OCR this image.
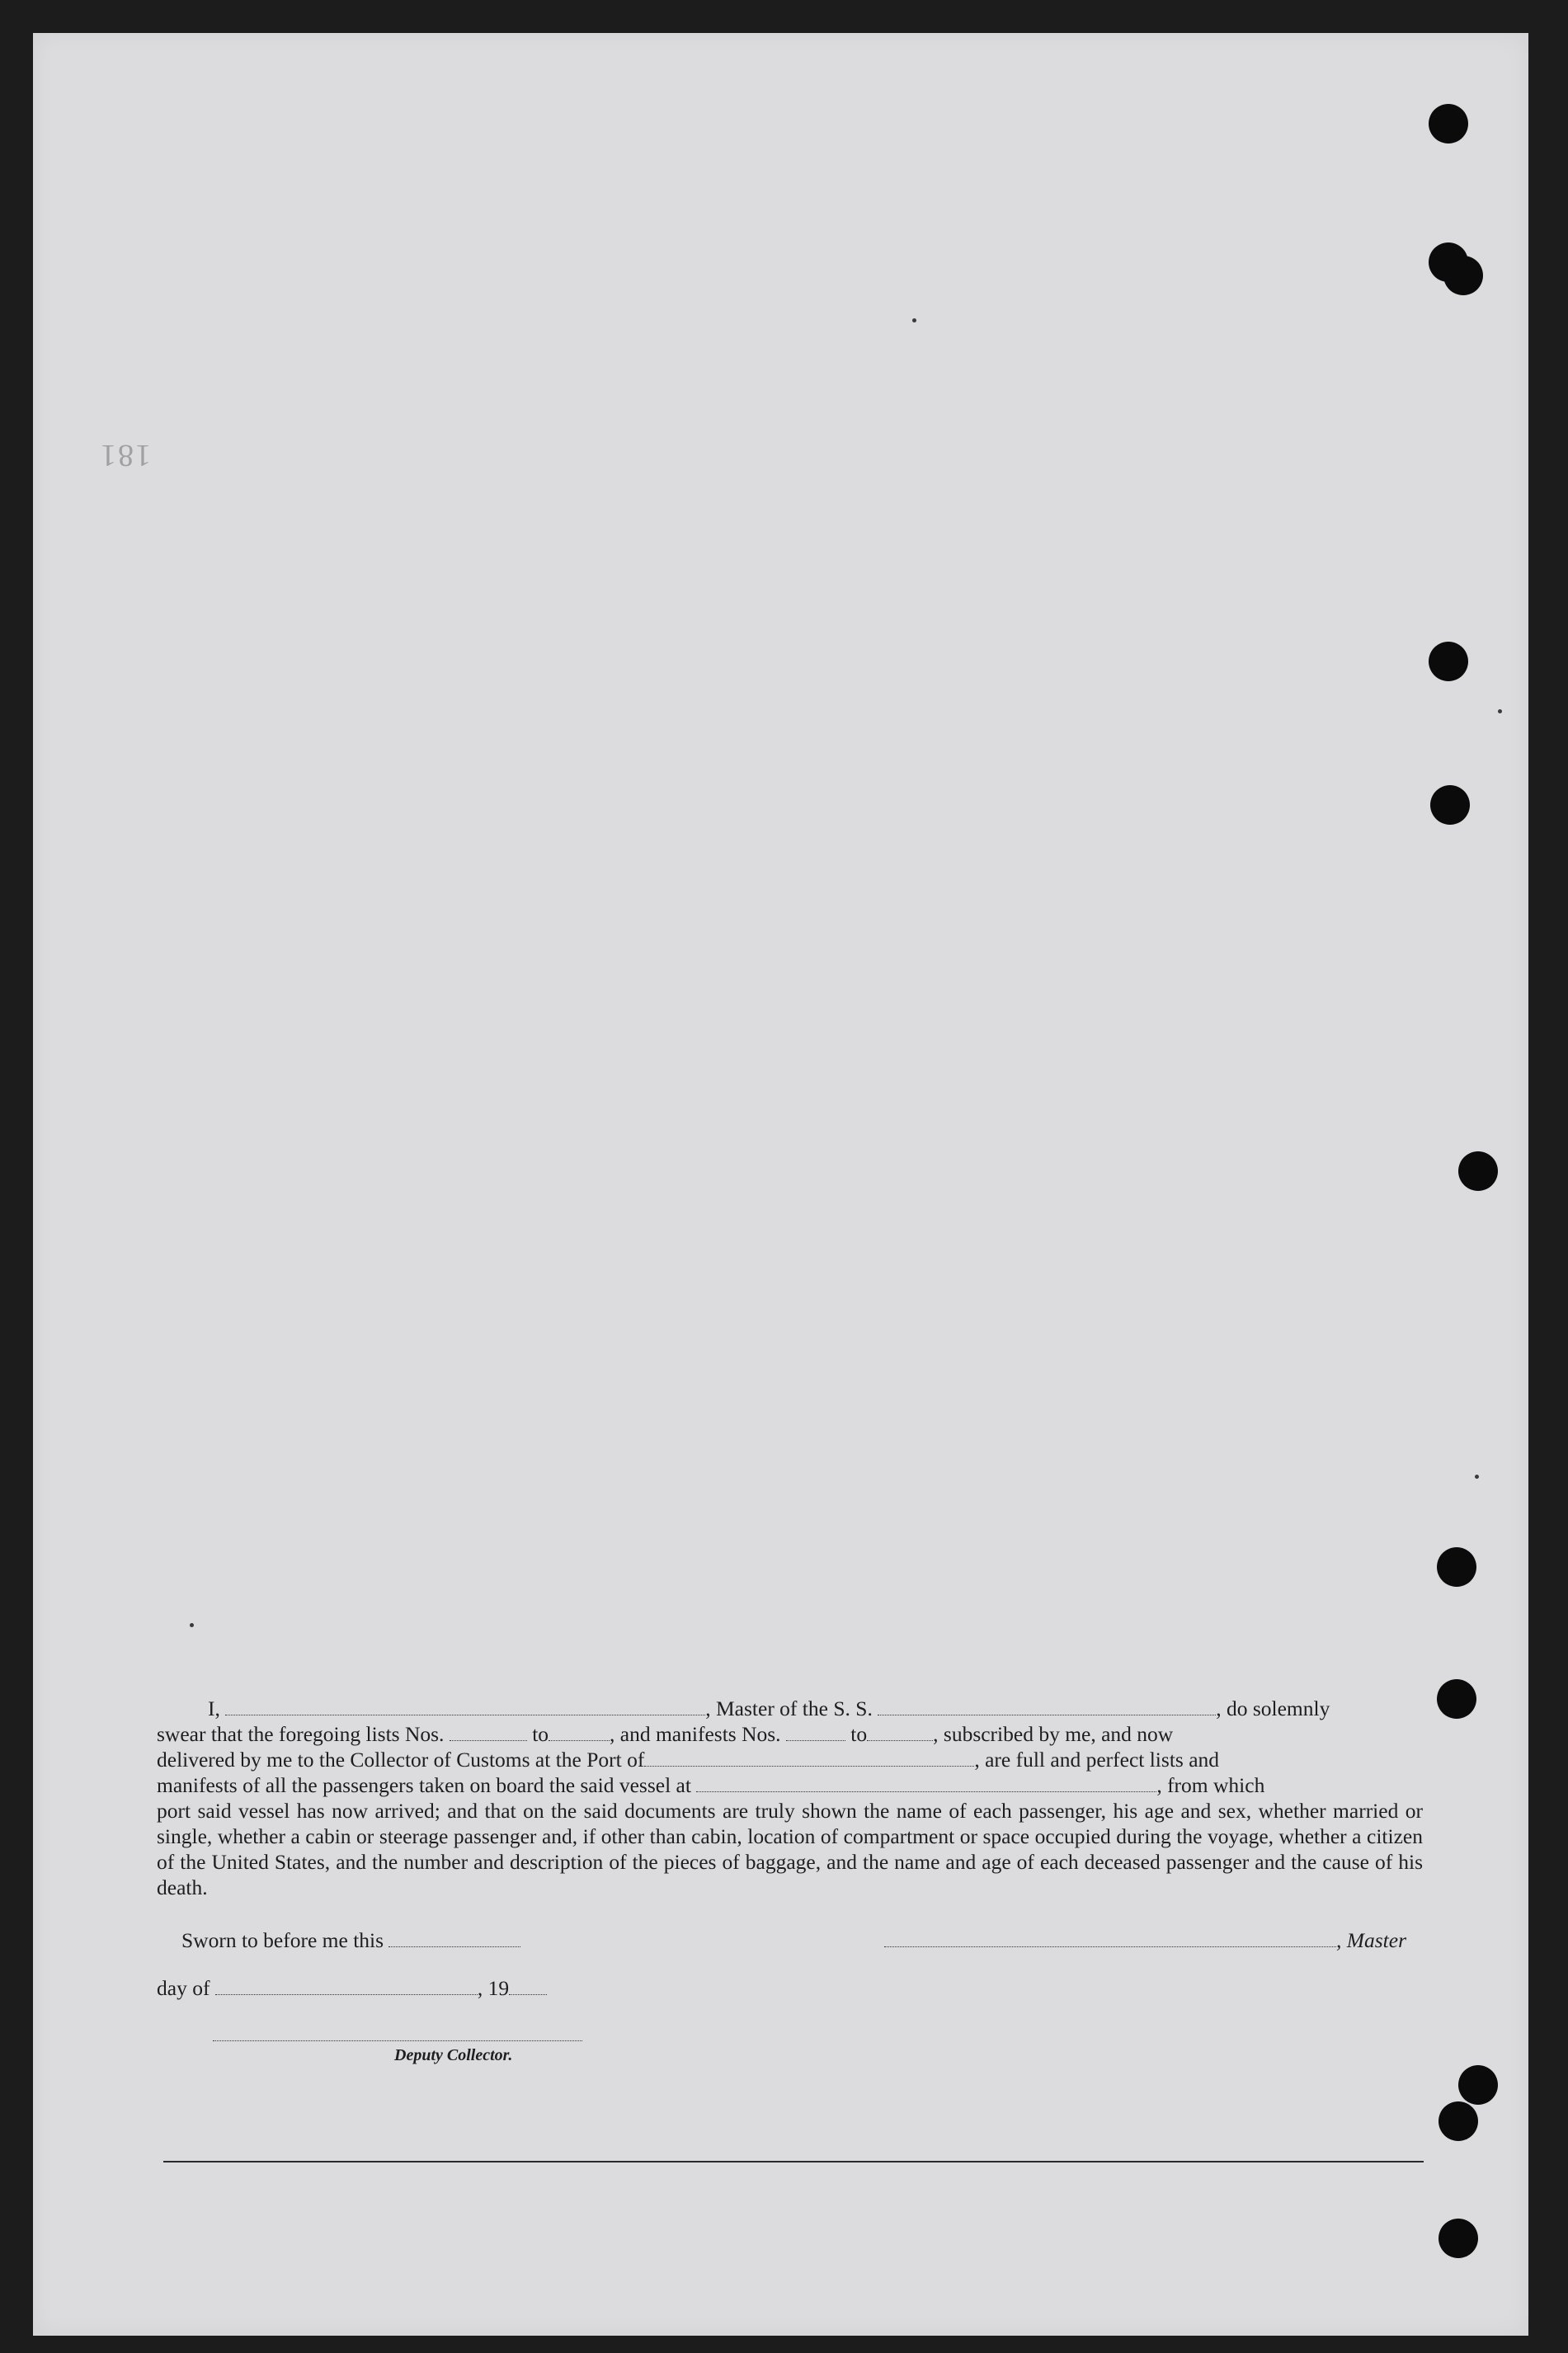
181
I,	, Master of the S. S.	, do solemnly
swear that the foregoing lists Nos.	to	, and manifests Nos.	to	, subscribed by me, and now
delivered by me to the Collector of Customs at the Port of	, are full and perfect lists and
manifests of all the passengers taken on board the said vessel at	, from which
port said vessel has now arrived; and that on the said documents are truly shown the name of each passenger, his age and sex, whether married or single, whether a cabin or steerage passenger and, if other than cabin, location of compartment or space occupied during the voyage, whether a citizen of the United States, and the number and description of the pieces of baggage, and the name and age of each deceased passenger and the cause of his death.
Sworn to before me this	, Master
day of	, 19
Deputy Collector.
